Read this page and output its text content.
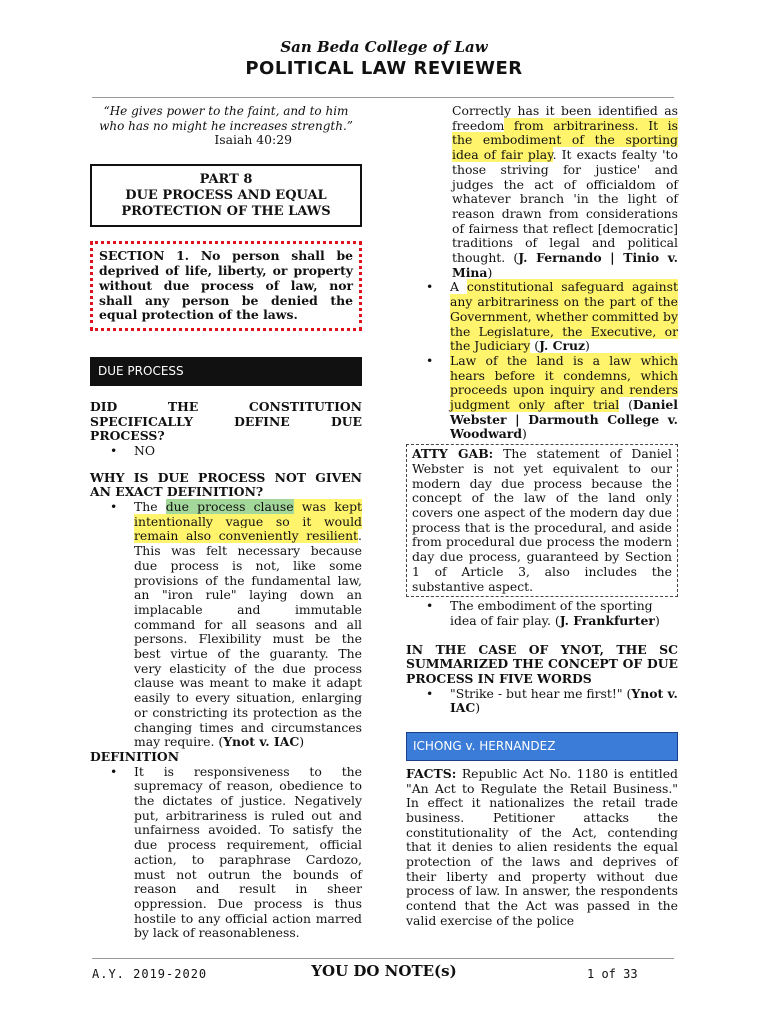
San Beda College of Law
POLITICAL LAW REVIEWER

“He gives power to the faint, and to him

who has no might he increases strength.”

Isaiah 40:29

PART 8
DUE PROCESS AND EQUAL
PROTECTION OF THE LAWS
SECTION 1. No person shall be deprived of life, liberty, or property without due process of law, nor shall any person be denied the equal protection of the laws.
DUE PROCESS

DID THE CONSTITUTION SPECIFICALLY DEFINE DUE PROCESS?

• NO

WHY IS DUE PROCESS NOT GIVEN AN EXACT DEFINITION?

• The due process clause was kept intentionally vague so it would remain also conveniently resilient. This was felt necessary because due process is not, like some provisions of the fundamental law, an "iron rule" laying down an implacable and immutable command for all seasons and all persons. Flexibility must be the best virtue of the guaranty. The very elasticity of the due process clause was meant to make it adapt easily to every situation, enlarging or constricting its protection as the changing times and circumstances may require. (Ynot v. IAC)

DEFINITION

• It is responsiveness to the supremacy of reason, obedience to the dictates of justice. Negatively put, arbitrariness is ruled out and unfairness avoided. To satisfy the due process requirement, official action, to paraphrase Cardozo, must not outrun the bounds of reason and result in sheer oppression. Due process is thus hostile to any official action marred by lack of reasonableness.

Correctly has it been identified as freedom from arbitrariness. It is the embodiment of the sporting idea of fair play. It exacts fealty 'to those striving for justice' and judges the act of officialdom of whatever branch 'in the light of reason drawn from considerations of fairness that reflect [democratic] traditions of legal and political thought. (J. Fernando | Tinio v. Mina)

• A constitutional safeguard against any arbitrariness on the part of the Government, whether committed by the Legislature, the Executive, or the Judiciary (J. Cruz)

• Law of the land is a law which hears before it condemns, which proceeds upon inquiry and renders judgment only after trial (Daniel Webster | Darmouth College v. Woodward)

ATTY GAB: The statement of Daniel Webster is not yet equivalent to our modern day due process because the concept of the law of the land only covers one aspect of the modern day due process that is the procedural, and aside from procedural due process the modern day due process, guaranteed by Section 1 of Article 3, also includes the substantive aspect.

• The embodiment of the sporting idea of fair play. (J. Frankfurter)

IN THE CASE OF YNOT, THE SC SUMMARIZED THE CONCEPT OF DUE PROCESS IN FIVE WORDS

• "Strike - but hear me first!" (Ynot v. IAC)

ICHONG v. HERNANDEZ

FACTS: Republic Act No. 1180 is entitled "An Act to Regulate the Retail Business." In effect it nationalizes the retail trade business. Petitioner attacks the constitutionality of the Act, contending that it denies to alien residents the equal protection of the laws and deprives of their liberty and property without due process of law. In answer, the respondents contend that the Act was passed in the valid exercise of the police

A.Y. 2019-2020	YOU DO NOTE(s)	1 of 33
